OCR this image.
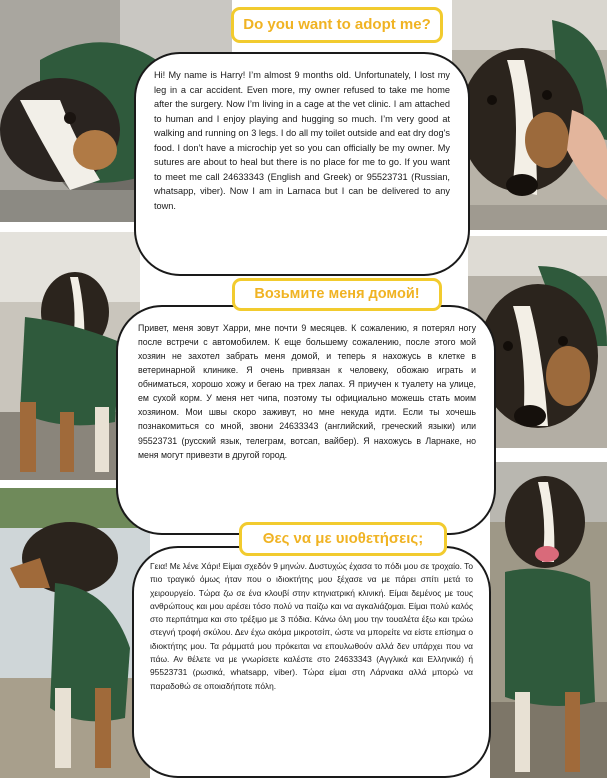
Do you want to adopt me?
Возьмите меня домой!
Θες να με υιοθετήσεις;

Hi! My name is Harry! I’m almost 9 months old. Unfortunately, I lost my leg in a car accident. Even more, my owner refused to take me home after the surgery. Now I’m living in a cage at the vet clinic. I am attached to human and I enjoy playing and hugging so much. I’m very good at walking and running on 3 legs. I do all my toilet outside and eat dry dog's food. I don’t have a microchip yet so you can officially be my owner. My sutures are about to heal but there is no place for me to go. If you want to meet me call 24633343 (English and Greek) or 95523731 (Russian, whatsapp, viber). Now I am in Larnaca but I can be delivered to any town.

Привет, меня зовут Харри, мне почти 9 месяцев. К сожалению, я потерял ногу после встречи с автомобилем. К еще большему сожалению, после этого мой хозяин не захотел забрать меня домой, и теперь я нахожусь в клетке в ветеринарной клинике. Я очень привязан к человеку, обожаю играть и обниматься, хорошо хожу и бегаю на трех лапах. Я приучен к туалету на улице, ем сухой корм. У меня нет чипа, поэтому ты официально можешь стать моим хозяином. Мои швы скоро заживут, но мне некуда идти. Если ты хочешь познакомиться со мной, звони 24633343 (английский, греческий языки) или 95523731 (русский язык, телеграм, вотсап, вайбер). Я нахожусь в Ларнаке, но меня могут привезти в другой город.

Γεια! Με λένε Χάρι! Είμαι σχεδόν 9 μηνών. Δυστυχώς έχασα το πόδι μου σε τροχαίο. Το πιο τραγικό όμως ήταν που ο ιδιοκτήτης μου ξέχασε να με πάρει σπίτι μετά το χειρουργείο. Τώρα ζω σε ένα κλουβί στην κτηνιατρική κλινική. Είμαι δεμένος με τους ανθρώπους και μου αρέσει τόσο πολύ να παίζω και να αγκαλιάζομαι. Είμαι πολύ καλός στο περπάτημα και στο τρέξιμο με 3 πόδια. Κάνω όλη μου την τουαλέτα έξω και τρώω στεγνή τροφή σκύλου. Δεν έχω ακόμα μικροτσίπ, ώστε να μπορείτε να είστε επίσημα ο ιδιοκτήτης μου. Τα ράμματά μου πρόκειται να επουλωθούν αλλά δεν υπάρχει που να πάω. Αν θέλετε να με γνωρίσετε καλέστε στο 24633343 (Αγγλικά και Ελληνικά) ή 95523731 (ρωσικά, whatsapp, viber). Τώρα είμαι στη Λάρνακα αλλά μπορώ να παραδοθώ σε οποιαδήποτε πόλη.
